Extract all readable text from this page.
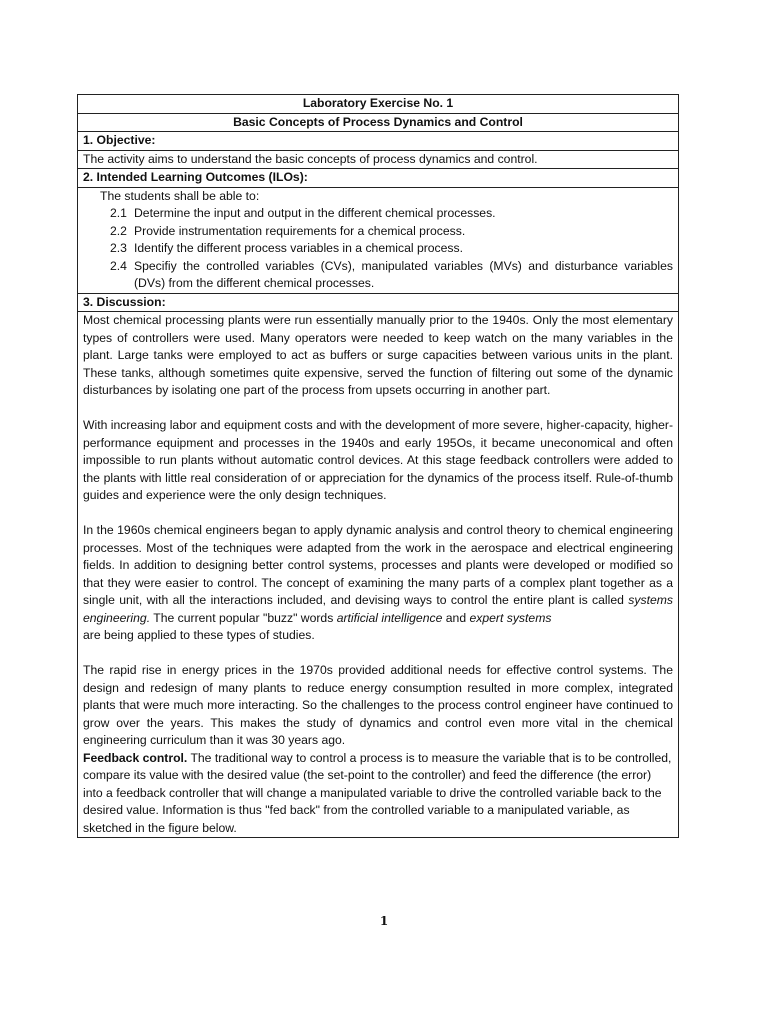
Laboratory Exercise No. 1
Basic Concepts of Process Dynamics and Control
1. Objective:
The activity aims to understand the basic concepts of process dynamics and control.
2. Intended Learning Outcomes (ILOs):

The students shall be able to:
2.1 Determine the input and output in the different chemical processes.
2.2 Provide instrumentation requirements for a chemical process.
2.3 Identify the different process variables in a chemical process.
2.4 Specifiy the controlled variables (CVs), manipulated variables (MVs) and disturbance variables (DVs) from the different chemical processes.

3. Discussion:

Most chemical processing plants were run essentially manually prior to the 1940s. Only the most elementary types of controllers were used. Many operators were needed to keep watch on the many variables in the plant. Large tanks were employed to act as buffers or surge capacities between various units in the plant. These tanks, although sometimes quite expensive, served the function of filtering out some of the dynamic disturbances by isolating one part of the process from upsets occurring in another part.

With increasing labor and equipment costs and with the development of more severe, higher-capacity, higher-performance equipment and processes in the 1940s and early 195Os, it became uneconomical and often impossible to run plants without automatic control devices. At this stage feedback controllers were added to the plants with little real consideration of or appreciation for the dynamics of the process itself. Rule-of-thumb guides and experience were the only design techniques.

In the 1960s chemical engineers began to apply dynamic analysis and control theory to chemical engineering processes. Most of the techniques were adapted from the work in the aerospace and electrical engineering fields. In addition to designing better control systems, processes and plants were developed or modified so that they were easier to control. The concept of examining the many parts of a complex plant together as a single unit, with all the interactions included, and devising ways to control the entire plant is called systems engineering. The current popular "buzz" words artificial intelligence and expert systems
are being applied to these types of studies.

The rapid rise in energy prices in the 1970s provided additional needs for effective control systems. The design and redesign of many plants to reduce energy consumption resulted in more complex, integrated plants that were much more interacting. So the challenges to the process control engineer have continued to grow over the years. This makes the study of dynamics and control even more vital in the chemical engineering curriculum than it was 30 years ago.

Feedback control. The traditional way to control a process is to measure the variable that is to be controlled, compare its value with the desired value (the set-point to the controller) and feed the difference (the error) into a feedback controller that will change a manipulated variable to drive the controlled variable back to the desired value. Information is thus "fed back" from the controlled variable to a manipulated variable, as sketched in the figure below.

1
